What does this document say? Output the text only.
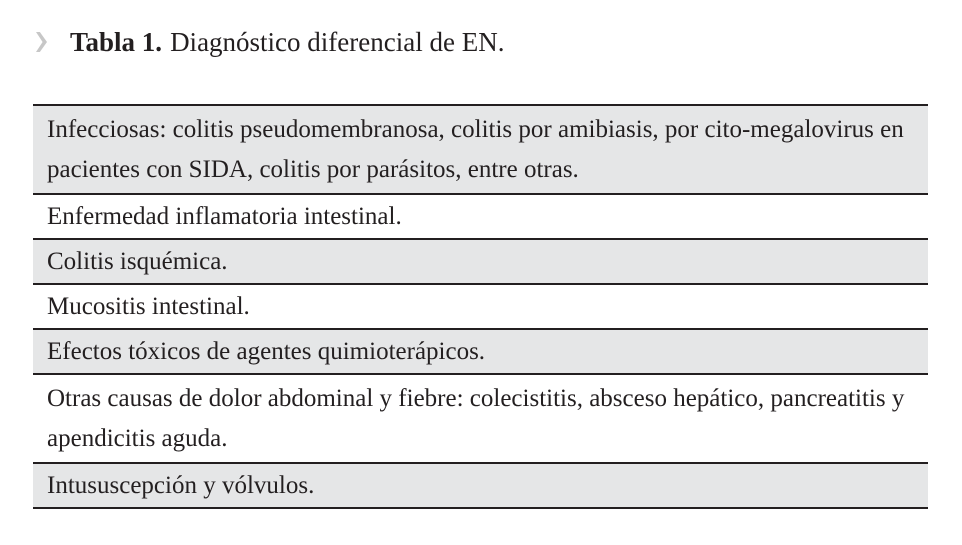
Tabla 1. Diagnóstico diferencial de EN.
Infecciosas: colitis pseudomembranosa, colitis por amibiasis, por cito-megalovirus en pacientes con SIDA, colitis por parásitos, entre otras.
Enfermedad inflamatoria intestinal.
Colitis isquémica.
Mucositis intestinal.
Efectos tóxicos de agentes quimioterápicos.
Otras causas de dolor abdominal y fiebre: colecistitis, absceso hepático, pancreatitis y apendicitis aguda.
Intususcepción y vólvulos.
